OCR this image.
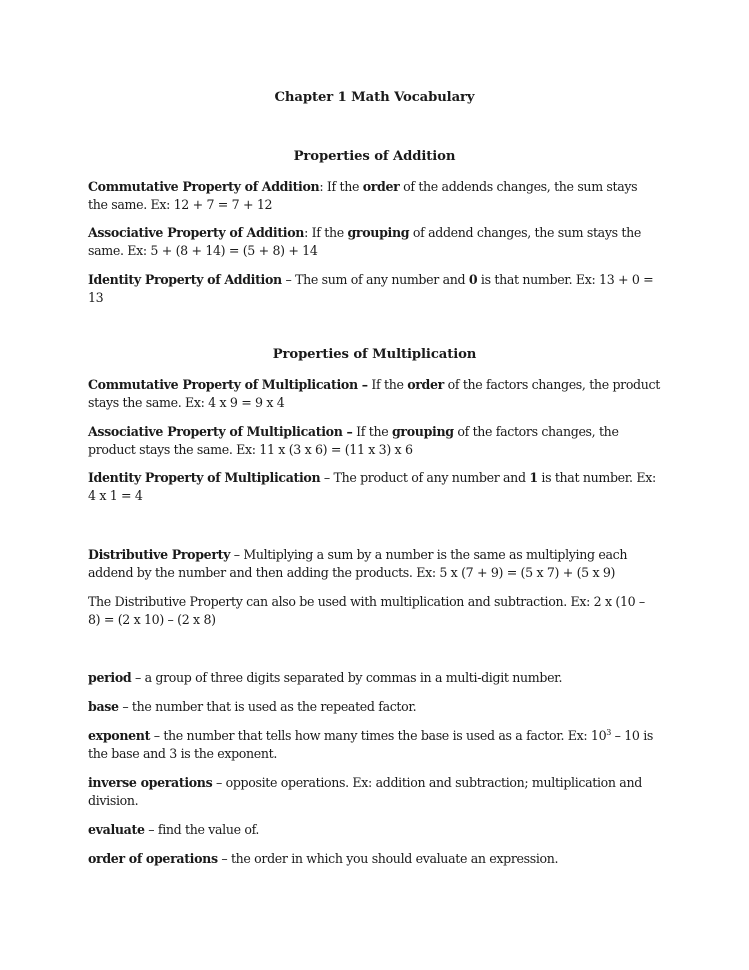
Chapter 1 Math Vocabulary
Properties of Addition
Commutative Property of Addition: If the order of the addends changes, the sum stays the same. Ex: 12 + 7 = 7 + 12
Associative Property of Addition: If the grouping of addend changes, the sum stays the same. Ex: 5 + (8 + 14) = (5 + 8) + 14
Identity Property of Addition – The sum of any number and 0 is that number. Ex: 13 + 0 = 13
Properties of Multiplication
Commutative Property of Multiplication – If the order of the factors changes, the product stays the same. Ex: 4 x 9 = 9 x 4
Associative Property of Multiplication – If the grouping of the factors changes, the product stays the same. Ex: 11 x (3 x 6) = (11 x 3) x 6
Identity Property of Multiplication – The product of any number and 1 is that number. Ex: 4 x 1 = 4
Distributive Property – Multiplying a sum by a number is the same as multiplying each addend by the number and then adding the products. Ex: 5 x (7 + 9) = (5 x 7) + (5 x 9)
The Distributive Property can also be used with multiplication and subtraction. Ex: 2 x (10 – 8) = (2 x 10) – (2 x 8)
period – a group of three digits separated by commas in a multi-digit number.
base – the number that is used as the repeated factor.
exponent – the number that tells how many times the base is used as a factor. Ex: $10^3 - 10$ is the base and 3 is the exponent.
inverse operations – opposite operations. Ex: addition and subtraction; multiplication and division.
evaluate – find the value of.
order of operations – the order in which you should evaluate an expression.
